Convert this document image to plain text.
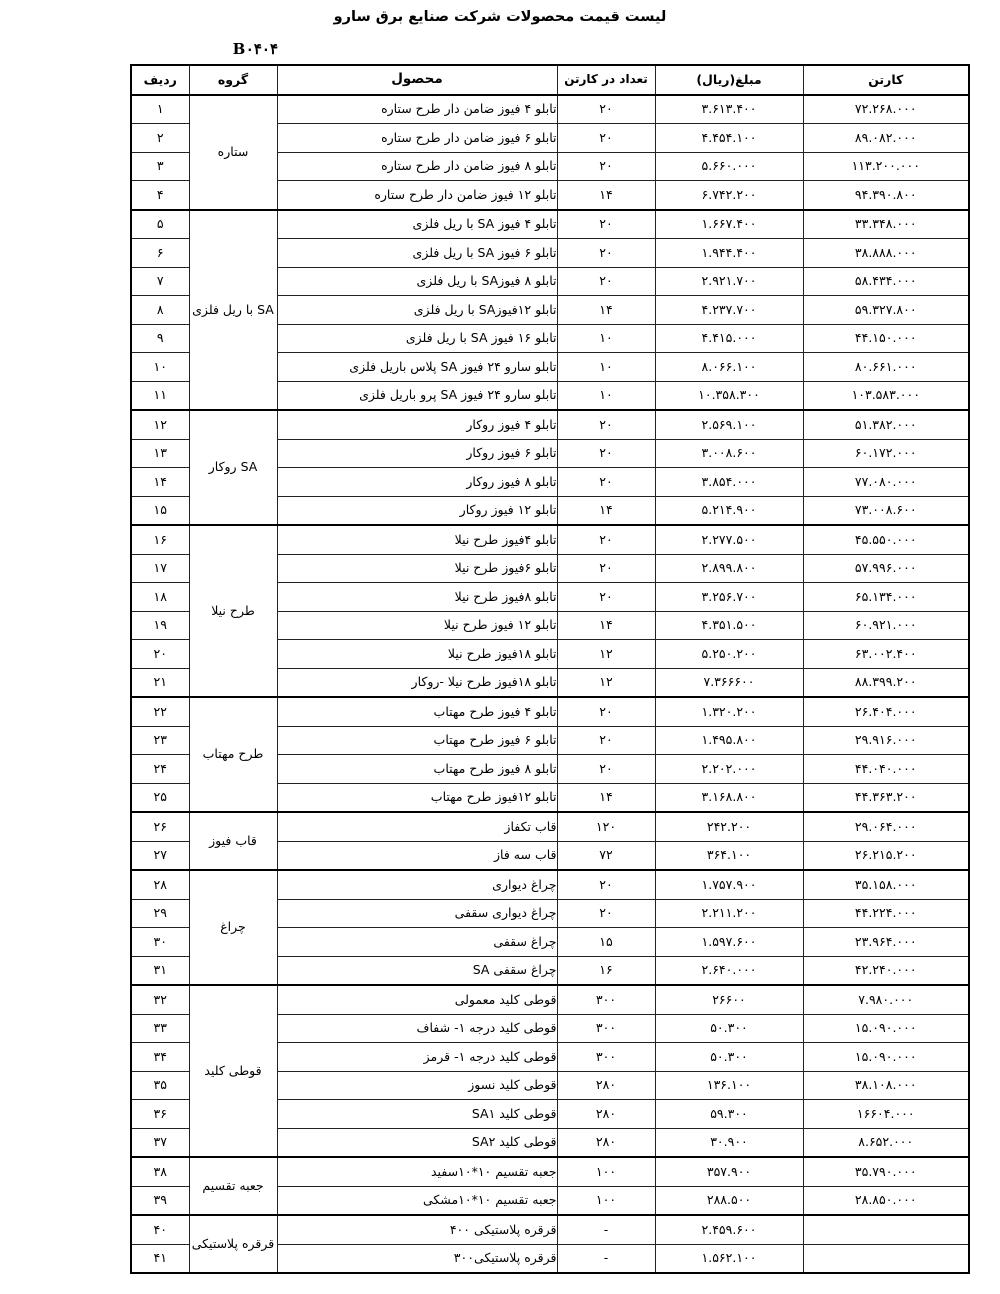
لیست قیمت محصولات شرکت صنایع برق سارو
B۰۴۰۴
کارتن	مبلغ(ریال)	تعداد در کارتن	محصول	گروه	ردیف
۷۲.۲۶۸.۰۰۰	۳.۶۱۳.۴۰۰	۲۰	تابلو ۴ فیوز ضامن دار طرح ستاره	ستاره	۱
۸۹.۰۸۲.۰۰۰	۴.۴۵۴.۱۰۰	۲۰	تابلو ۶ فیوز ضامن دار طرح ستاره		۲
۱۱۳.۲۰۰.۰۰۰	۵.۶۶۰.۰۰۰	۲۰	تابلو ۸ فیوز ضامن دار طرح ستاره		۳
۹۴.۳۹۰.۸۰۰	۶.۷۴۲.۲۰۰	۱۴	تابلو ۱۲ فیوز ضامن دار طرح ستاره		۴
۳۳.۳۴۸.۰۰۰	۱.۶۶۷.۴۰۰	۲۰	تابلو ۴ فیوز SA با ریل فلزی	SA با ریل فلزی	۵
۳۸.۸۸۸.۰۰۰	۱.۹۴۴.۴۰۰	۲۰	تابلو ۶ فیوز SA با ریل فلزی		۶
۵۸.۴۳۴.۰۰۰	۲.۹۲۱.۷۰۰	۲۰	تابلو ۸ فیوزSA با ریل فلزی		۷
۵۹.۳۲۷.۸۰۰	۴.۲۳۷.۷۰۰	۱۴	تابلو ۱۲فیوزSA با ریل فلزی		۸
۴۴.۱۵۰.۰۰۰	۴.۴۱۵.۰۰۰	۱۰	تابلو ۱۶ فیوز SA با ریل فلزی		۹
۸۰.۶۶۱.۰۰۰	۸.۰۶۶.۱۰۰	۱۰	تابلو سارو ۲۴ فیوز SA پلاس باریل فلزی		۱۰
۱۰۳.۵۸۳.۰۰۰	۱۰.۳۵۸.۳۰۰	۱۰	تابلو سارو ۲۴ فیوز SA پرو باریل فلزی		۱۱
۵۱.۳۸۲.۰۰۰	۲.۵۶۹.۱۰۰	۲۰	تابلو ۴ فیوز روکار	SA روکار	۱۲
۶۰.۱۷۲.۰۰۰	۳.۰۰۸.۶۰۰	۲۰	تابلو ۶ فیوز روکار		۱۳
۷۷.۰۸۰.۰۰۰	۳.۸۵۴.۰۰۰	۲۰	تابلو ۸ فیوز روکار		۱۴
۷۳.۰۰۸.۶۰۰	۵.۲۱۴.۹۰۰	۱۴	تابلو ۱۲ فیوز روکار		۱۵
۴۵.۵۵۰.۰۰۰	۲.۲۷۷.۵۰۰	۲۰	تابلو ۴فیوز طرح نیلا	طرح نیلا	۱۶
۵۷.۹۹۶.۰۰۰	۲.۸۹۹.۸۰۰	۲۰	تابلو ۶فیوز طرح نیلا		۱۷
۶۵.۱۳۴.۰۰۰	۳.۲۵۶.۷۰۰	۲۰	تابلو ۸فیوز طرح نیلا		۱۸
۶۰.۹۲۱.۰۰۰	۴.۳۵۱.۵۰۰	۱۴	تابلو ۱۲ فیوز طرح نیلا		۱۹
۶۳.۰۰۲.۴۰۰	۵.۲۵۰.۲۰۰	۱۲	تابلو ۱۸فیوز طرح نیلا		۲۰
۸۸.۳۹۹.۲۰۰	۷.۳۶۶۶۰۰	۱۲	تابلو ۱۸فیوز طرح نیلا -روکار		۲۱
۲۶.۴۰۴.۰۰۰	۱.۳۲۰.۲۰۰	۲۰	تابلو ۴ فیوز طرح مهتاب	طرح مهتاب	۲۲
۲۹.۹۱۶.۰۰۰	۱.۴۹۵.۸۰۰	۲۰	تابلو ۶ فیوز طرح مهتاب		۲۳
۴۴.۰۴۰.۰۰۰	۲.۲۰۲.۰۰۰	۲۰	تابلو ۸ فیوز طرح مهتاب		۲۴
۴۴.۳۶۳.۲۰۰	۳.۱۶۸.۸۰۰	۱۴	تابلو ۱۲فیوز طرح مهتاب		۲۵
۲۹.۰۶۴.۰۰۰	۲۴۲.۲۰۰	۱۲۰	قاب تکفاز	قاب فیوز	۲۶
۲۶.۲۱۵.۲۰۰	۳۶۴.۱۰۰	۷۲	قاب سه فاز		۲۷
۳۵.۱۵۸.۰۰۰	۱.۷۵۷.۹۰۰	۲۰	چراغ دیواری	چراغ	۲۸
۴۴.۲۲۴.۰۰۰	۲.۲۱۱.۲۰۰	۲۰	چراغ دیواری سقفی		۲۹
۲۳.۹۶۴.۰۰۰	۱.۵۹۷.۶۰۰	۱۵	چراغ سقفی		۳۰
۴۲.۲۴۰.۰۰۰	۲.۶۴۰.۰۰۰	۱۶	چراغ سقفی SA		۳۱
۷.۹۸۰.۰۰۰	۲۶۶۰۰	۳۰۰	قوطی کلید معمولی	قوطی کلید	۳۲
۱۵.۰۹۰.۰۰۰	۵۰.۳۰۰	۳۰۰	قوطی کلید درجه ۱- شفاف		۳۳
۱۵.۰۹۰.۰۰۰	۵۰.۳۰۰	۳۰۰	قوطی کلید درجه ۱- قرمز		۳۴
۳۸.۱۰۸.۰۰۰	۱۳۶.۱۰۰	۲۸۰	قوطی کلید نسوز		۳۵
۱۶۶۰۴.۰۰۰	۵۹.۳۰۰	۲۸۰	قوطی کلید SA۱		۳۶
۸.۶۵۲.۰۰۰	۳۰.۹۰۰	۲۸۰	قوطی کلید SA۲		۳۷
۳۵.۷۹۰.۰۰۰	۳۵۷.۹۰۰	۱۰۰	جعبه تقسیم ۱۰*۱۰سفید	جعبه تقسیم	۳۸
۲۸.۸۵۰.۰۰۰	۲۸۸.۵۰۰	۱۰۰	جعبه تقسیم ۱۰*۱۰مشکی		۳۹
	۲.۴۵۹.۶۰۰	-	قرقره پلاستیکی ۴۰۰	قرقره پلاستیکی	۴۰
	۱.۵۶۲.۱۰۰	-	قرقره پلاستیکی۳۰۰		۴۱
